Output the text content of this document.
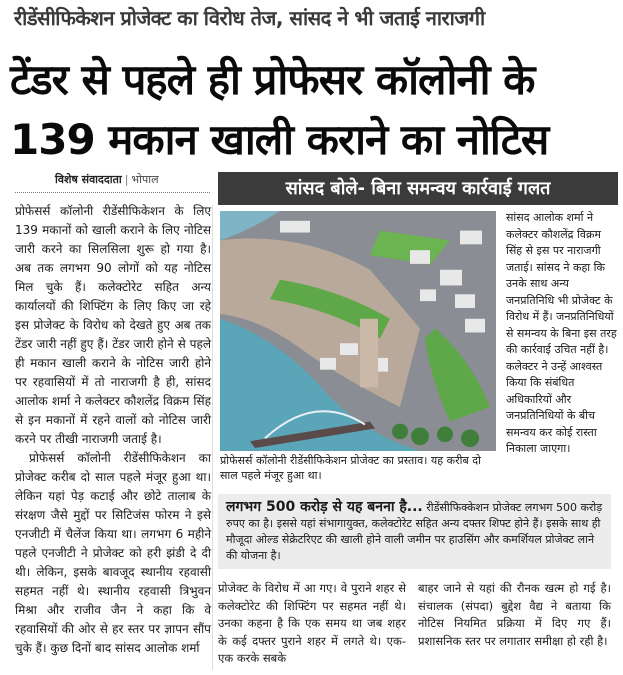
रीडेंसीफिकेशन प्रोजेक्ट का विरोध तेज, सांसद ने भी जताई नाराजगी
टेंडर से पहले ही प्रोफेसर कॉलोनी के
139 मकान खाली कराने का नोटिस
विशेष संवाददाता | भोपाल

प्रोफेसर्स कॉलोनी रीडेंसीफिकेशन के लिए 139 मकानों को खाली कराने के लिए नोटिस जारी करने का सिलसिला शुरू हो गया है। अब तक लगभग 90 लोगों को यह नोटिस मिल चुके हैं। कलेक्टोरेट सहित अन्य कार्यालयों की शिफ्टिंग के लिए किए जा रहे इस प्रोजेक्ट के विरोध को देखते हुए अब तक टेंडर जारी नहीं हुए हैं। टेंडर जारी होने से पहले ही मकान खाली कराने के नोटिस जारी होने पर रहवासियों में तो नाराजगी है ही, सांसद आलोक शर्मा ने कलेक्टर कौशलेंद्र विक्रम सिंह से इन मकानों में रहने वालों को नोटिस जारी करने पर तीखी नाराजगी जताई है।

प्रोफेसर्स कॉलोनी रीडेंसीफिकेशन का प्रोजेक्ट करीब दो साल पहले मंजूर हुआ था। लेकिन यहां पेड़ कटाई और छोटे तालाब के संरक्षण जैसे मुद्दों पर सिटिजंस फोरम ने इसे एनजीटी में चैलेंज किया था। लगभग 6 महीने पहले एनजीटी ने प्रोजेक्ट को हरी झंडी दे दी थी। लेकिन, इसके बावजूद स्थानीय रहवासी सहमत नहीं थे। स्थानीय रहवासी त्रिभुवन मिश्रा और राजीव जैन ने कहा कि वे रहवासियों की ओर से हर स्तर पर ज्ञापन सौंप चुके हैं। कुछ दिनों बाद सांसद आलोक शर्मा

सांसद बोले- बिना समन्वय कार्रवाई गलत
प्रोफेसर्स कॉलोनी रीडेंसीफिकेशन प्रोजेक्ट का प्रस्ताव। यह करीब दो साल पहले मंजूर हुआ था।
सांसद आलोक शर्मा ने कलेक्टर कौशलेंद्र विक्रम सिंह से इस पर नाराजगी जताई। सांसद ने कहा कि उनके साथ अन्य जनप्रतिनिधि भी प्रोजेक्ट के विरोध में हैं। जनप्रतिनिधियों से समन्वय के बिना इस तरह की कार्रवाई उचित नहीं है। कलेक्टर ने उन्हें आश्वस्त किया कि संबंधित अधिकारियों और जनप्रतिनिधियों के बीच समन्वय कर कोई रास्ता निकाला जाएगा।
लगभग 500 करोड़ से यह बनना है... रीडेंसीफिक्केशन प्रोजेक्ट लगभग 500 करोड़ रुपए का है। इससे यहां संभागायुक्त, कलेक्टोरेट सहित अन्य दफ्तर शिफ्ट होने हैं। इसके साथ ही मौजूदा ओल्ड सेक्रेटरिएट की खाली होने वाली जमीन पर हाउसिंग और कमर्शियल प्रोजेक्ट लाने की योजना है।
प्रोजेक्ट के विरोध में आ गए। वे पुराने शहर से कलेक्टोरेट की शिफ्टिंग पर सहमत नहीं थे। उनका कहना है कि एक समय था जब शहर के कई दफ्तर पुराने शहर में लगते थे। एक-एक करके सबके
बाहर जाने से यहां की रौनक खत्म हो गई है। संचालक (संपदा) बुद्देश वैद्य ने बताया कि नोटिस नियमित प्रक्रिया में दिए गए हैं। प्रशासनिक स्तर पर लगातार समीक्षा हो रही है।
